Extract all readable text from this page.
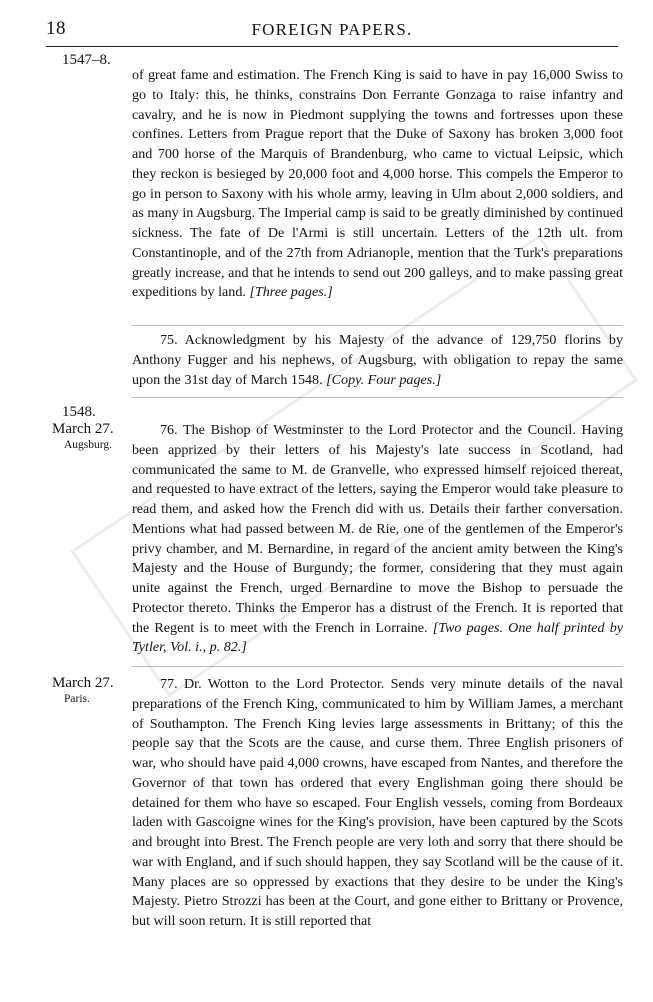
18	FOREIGN PAPERS.
1547–8.

of great fame and estimation. The French King is said to have in pay 16,000 Swiss to go to Italy: this, he thinks, constrains Don Ferrante Gonzaga to raise infantry and cavalry, and he is now in Piedmont supplying the towns and fortresses upon these confines. Letters from Prague report that the Duke of Saxony has broken 3,000 foot and 700 horse of the Marquis of Brandenburg, who came to victual Leipsic, which they reckon is besieged by 20,000 foot and 4,000 horse. This compels the Emperor to go in person to Saxony with his whole army, leaving in Ulm about 2,000 soldiers, and as many in Augsburg. The Imperial camp is said to be greatly diminished by continued sickness. The fate of De l'Armi is still uncertain. Letters of the 12th ult. from Constantinople, and of the 27th from Adrianople, mention that the Turk's preparations greatly increase, and that he intends to send out 200 galleys, and to make passing great expeditions by land. [Three pages.]

75. Acknowledgment by his Majesty of the advance of 129,750 florins by Anthony Fugger and his nephews, of Augsburg, with obligation to repay the same upon the 31st day of March 1548. [Copy. Four pages.]

1548.
March 27.
Augsburg.

76. The Bishop of Westminster to the Lord Protector and the Council. Having been apprized by their letters of his Majesty's late success in Scotland, had communicated the same to M. de Granvelle, who expressed himself rejoiced thereat, and requested to have extract of the letters, saying the Emperor would take pleasure to read them, and asked how the French did with us. Details their farther conversation. Mentions what had passed between M. de Rie, one of the gentlemen of the Emperor's privy chamber, and M. Bernardine, in regard of the ancient amity between the King's Majesty and the House of Burgundy; the former, considering that they must again unite against the French, urged Bernardine to move the Bishop to persuade the Protector thereto. Thinks the Emperor has a distrust of the French. It is reported that the Regent is to meet with the French in Lorraine. [Two pages. One half printed by Tytler, Vol. i., p. 82.]

March 27.
Paris.

77. Dr. Wotton to the Lord Protector. Sends very minute details of the naval preparations of the French King, communicated to him by William James, a merchant of Southampton. The French King levies large assessments in Brittany; of this the people say that the Scots are the cause, and curse them. Three English prisoners of war, who should have paid 4,000 crowns, have escaped from Nantes, and therefore the Governor of that town has ordered that every Englishman going there should be detained for them who have so escaped. Four English vessels, coming from Bordeaux laden with Gascoigne wines for the King's provision, have been captured by the Scots and brought into Brest. The French people are very loth and sorry that there should be war with England, and if such should happen, they say Scotland will be the cause of it. Many places are so oppressed by exactions that they desire to be under the King's Majesty. Pietro Strozzi has been at the Court, and gone either to Brittany or Provence, but will soon return. It is still reported that
